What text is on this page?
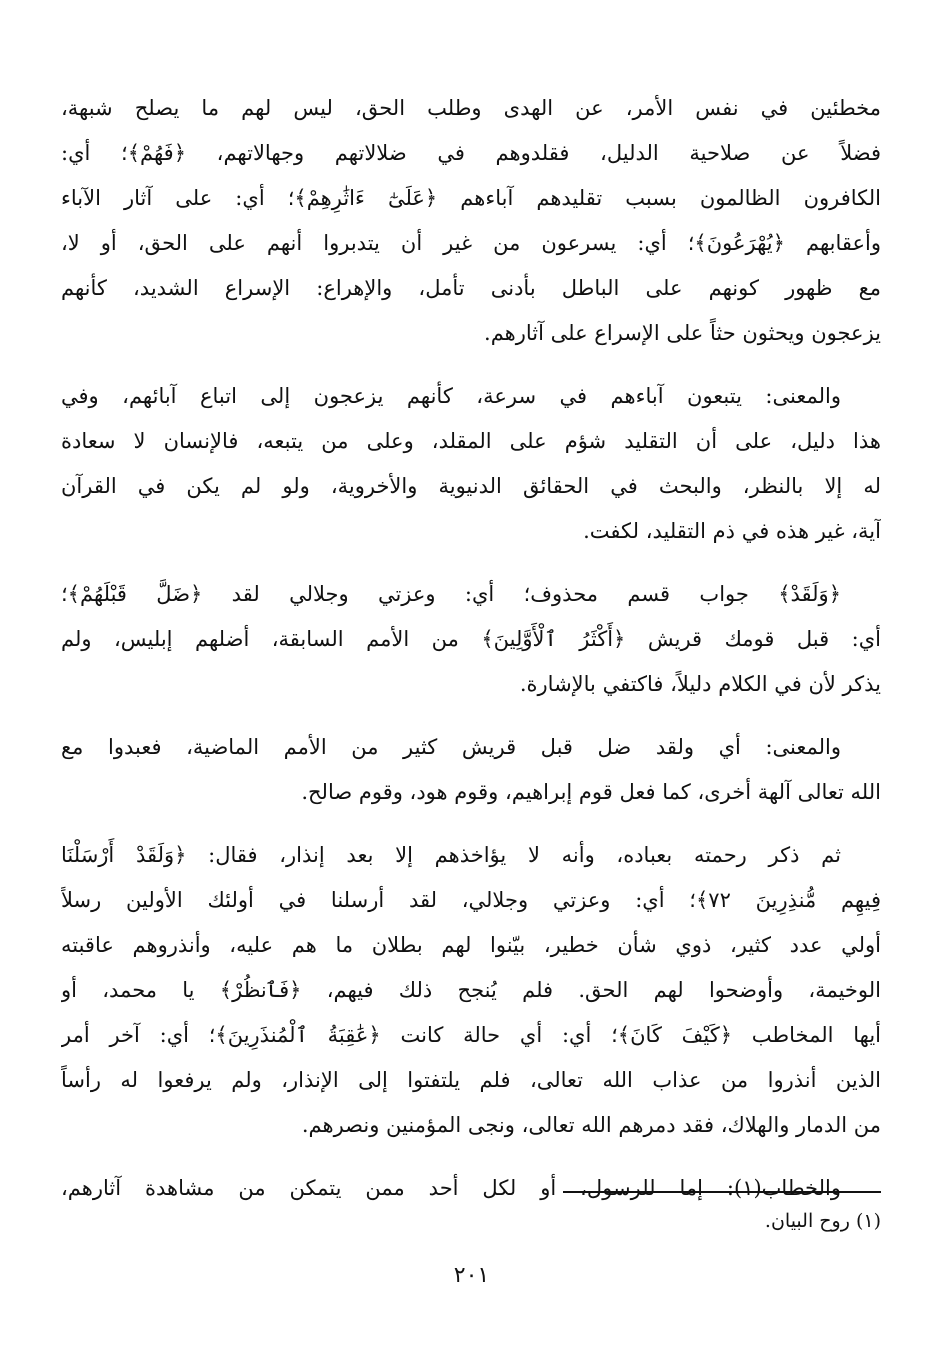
مخطئين في نفس الأمر، عن الهدى وطلب الحق، ليس لهم ما يصلح شبهة،
فضلاً عن صلاحية الدليل، فقلدوهم في ضلالاتهم وجهالاتهم، ﴿فَهُمْ﴾؛ أي:
الكافرون الظالمون بسبب تقليدهم آباءهم ﴿عَلَىٰٓ ءَاثَٰرِهِمْ﴾؛ أي: على آثار الآباء
وأعقابهم ﴿يُهْرَعُونَ﴾؛ أي: يسرعون من غير أن يتدبروا أنهم على الحق، أو لا،
مع ظهور كونهم على الباطل بأدنى تأمل، والإهراع: الإسراع الشديد، كأنهم
يزعجون ويحثون حثاً على الإسراع على آثارهم.
والمعنى: يتبعون آباءهم في سرعة، كأنهم يزعجون إلى اتباع آبائهم، وفي
هذا دليل، على أن التقليد شؤم على المقلد، وعلى من يتبعه، فالإنسان لا سعادة
له إلا بالنظر، والبحث في الحقائق الدنيوية والأخروية، ولو لم يكن في القرآن
آية، غير هذه في ذم التقليد، لكفت.
﴿وَلَقَدْ﴾ جواب قسم محذوف؛ أي: وعزتي وجلالي لقد ﴿ضَلَّ قَبْلَهُمْ﴾؛
أي: قبل قومك قريش ﴿أَكْثَرُ ٱلْأَوَّلِينَ﴾ من الأمم السابقة، أضلهم إبليس، ولم
يذكر لأن في الكلام دليلاً، فاكتفي بالإشارة.
والمعنى: أي ولقد ضل قبل قريش كثير من الأمم الماضية، فعبدوا مع
الله تعالى آلهة أخرى، كما فعل قوم إبراهيم، وقوم هود، وقوم صالح.
ثم ذكر رحمته بعباده، وأنه لا يؤاخذهم إلا بعد إنذار، فقال: ﴿وَلَقَدْ أَرْسَلْنَا
فِيهِم مُّنذِرِينَ ٧٢﴾؛ أي: وعزتي وجلالي، لقد أرسلنا في أولئك الأولين رسلاً
أولي عدد كثير، ذوي شأن خطير، بيّنوا لهم بطلان ما هم عليه، وأنذروهم عاقبته
الوخيمة، وأوضحوا لهم الحق. فلم يُنجح ذلك فيهم، ﴿فَٱنظُرْ﴾ يا محمد، أو
أيها المخاطب ﴿كَيْفَ كَانَ﴾؛ أي: أي حالة كانت ﴿عَٰقِبَةُ ٱلْمُنذَرِينَ﴾؛ أي: آخر أمر
الذين أنذروا من عذاب الله تعالى، فلم يلتفتوا إلى الإنذار، ولم يرفعوا له رأساً
من الدمار والهلاك، فقد دمرهم الله تعالى، ونجى المؤمنين ونصرهم.
والخطاب(١): إما للرسول، أو لكل أحد ممن يتمكن من مشاهدة آثارهم،
(١) روح البيان.
٢٠١
